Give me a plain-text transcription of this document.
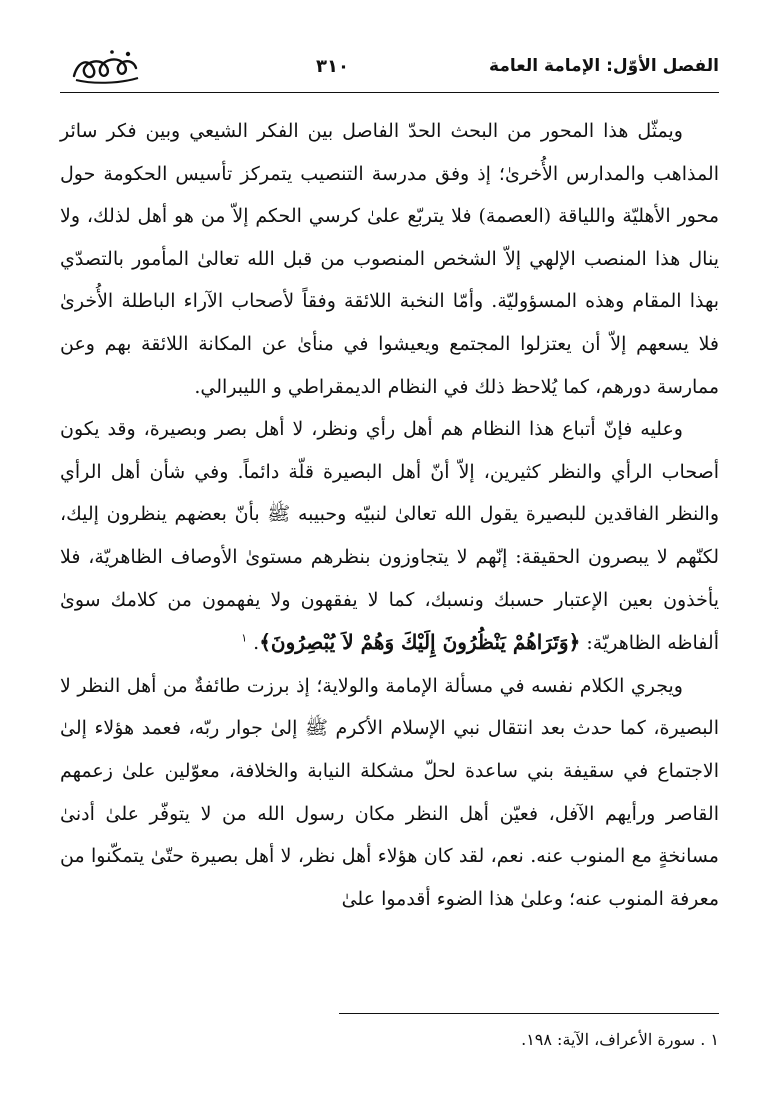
الفصل الأوّل: الإمامة العامة
٣١٠

ويمثّل هذا المحور من البحث الحدّ الفاصل بين الفكر الشيعي وبين فكر سائر المذاهب والمدارس الأُخرىٰ؛ إذ وفق مدرسة التنصيب يتمركز تأسيس الحكومة حول محور الأهليّة واللياقة (العصمة) فلا يتربّع علىٰ كرسي الحكم إلاّ من هو أهل لذلك، ولا ينال هذا المنصب الإلهي إلاّ الشخص المنصوب من قبل الله تعالىٰ المأمور بالتصدّي بهذا المقام وهذه المسؤوليّة. وأمّا النخبة اللائقة وفقاً لأصحاب الآراء الباطلة الأُخرىٰ فلا يسعهم إلاّ أن يعتزلوا المجتمع ويعيشوا في منأىٰ عن المكانة اللائقة بهم وعن ممارسة دورهم، كما يُلاحظ ذلك في النظام الديمقراطي و الليبرالي.

وعليه فإنّ أتباع هذا النظام هم أهل رأي ونظر، لا أهل بصر وبصيرة، وقد يكون أصحاب الرأي والنظر كثيرين، إلاّ أنّ أهل البصيرة قلّة دائماً. وفي شأن أهل الرأي والنظر الفاقدين للبصيرة يقول الله تعالىٰ لنبيّه وحبيبه ﷺ بأنّ بعضهم ينظرون إليك، لكنّهم لا يبصرون الحقيقة: إنّهم لا يتجاوزون بنظرهم مستوىٰ الأوصاف الظاهريّة، فلا يأخذون بعين الإعتبار حسبك ونسبك، كما لا يفقهون ولا يفهمون من كلامك سوىٰ ألفاظه الظاهريّة: ﴿وَتَرَاهُمْ يَنْظُرُونَ إِلَيْكَ وَهُمْ لاَ يُبْصِرُونَ﴾. $^١$

ويجري الكلام نفسه في مسألة الإمامة والولاية؛ إذ برزت طائفةٌ من أهل النظر لا البصيرة، كما حدث بعد انتقال نبي الإسلام الأكرم ﷺ إلىٰ جوار ربّه، فعمد هؤلاء إلىٰ الاجتماع في سقيفة بني ساعدة لحلّ مشكلة النيابة والخلافة، معوّلين علىٰ زعمهم القاصر ورأيهم الآفل، فعيّن أهل النظر مكان رسول الله من لا يتوفّر علىٰ أدنىٰ مسانخةٍ مع المنوب عنه. نعم، لقد كان هؤلاء أهل نظر، لا أهل بصيرة حتّىٰ يتمكّنوا من معرفة المنوب عنه؛ وعلىٰ هذا الضوء أقدموا علىٰ

١ . سورة الأعراف، الآية: ١٩٨.
